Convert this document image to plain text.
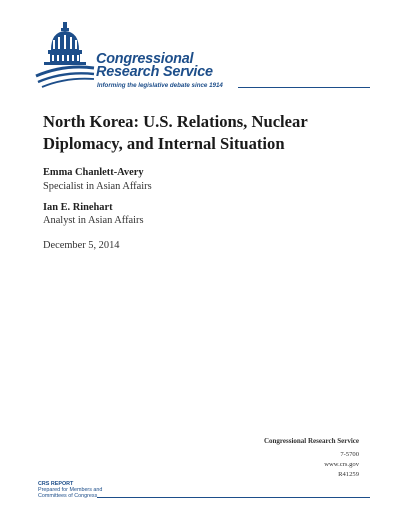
Congressional
Research Service
Informing the legislative debate since 1914
North Korea: U.S. Relations, Nuclear Diplomacy, and Internal Situation
Emma Chanlett-Avery
Specialist in Asian Affairs
Ian E. Rinehart
Analyst in Asian Affairs
December 5, 2014
Congressional Research Service
7-5700
www.crs.gov
R41259
CRS REPORT
Prepared for Members and
Committees of Congress
